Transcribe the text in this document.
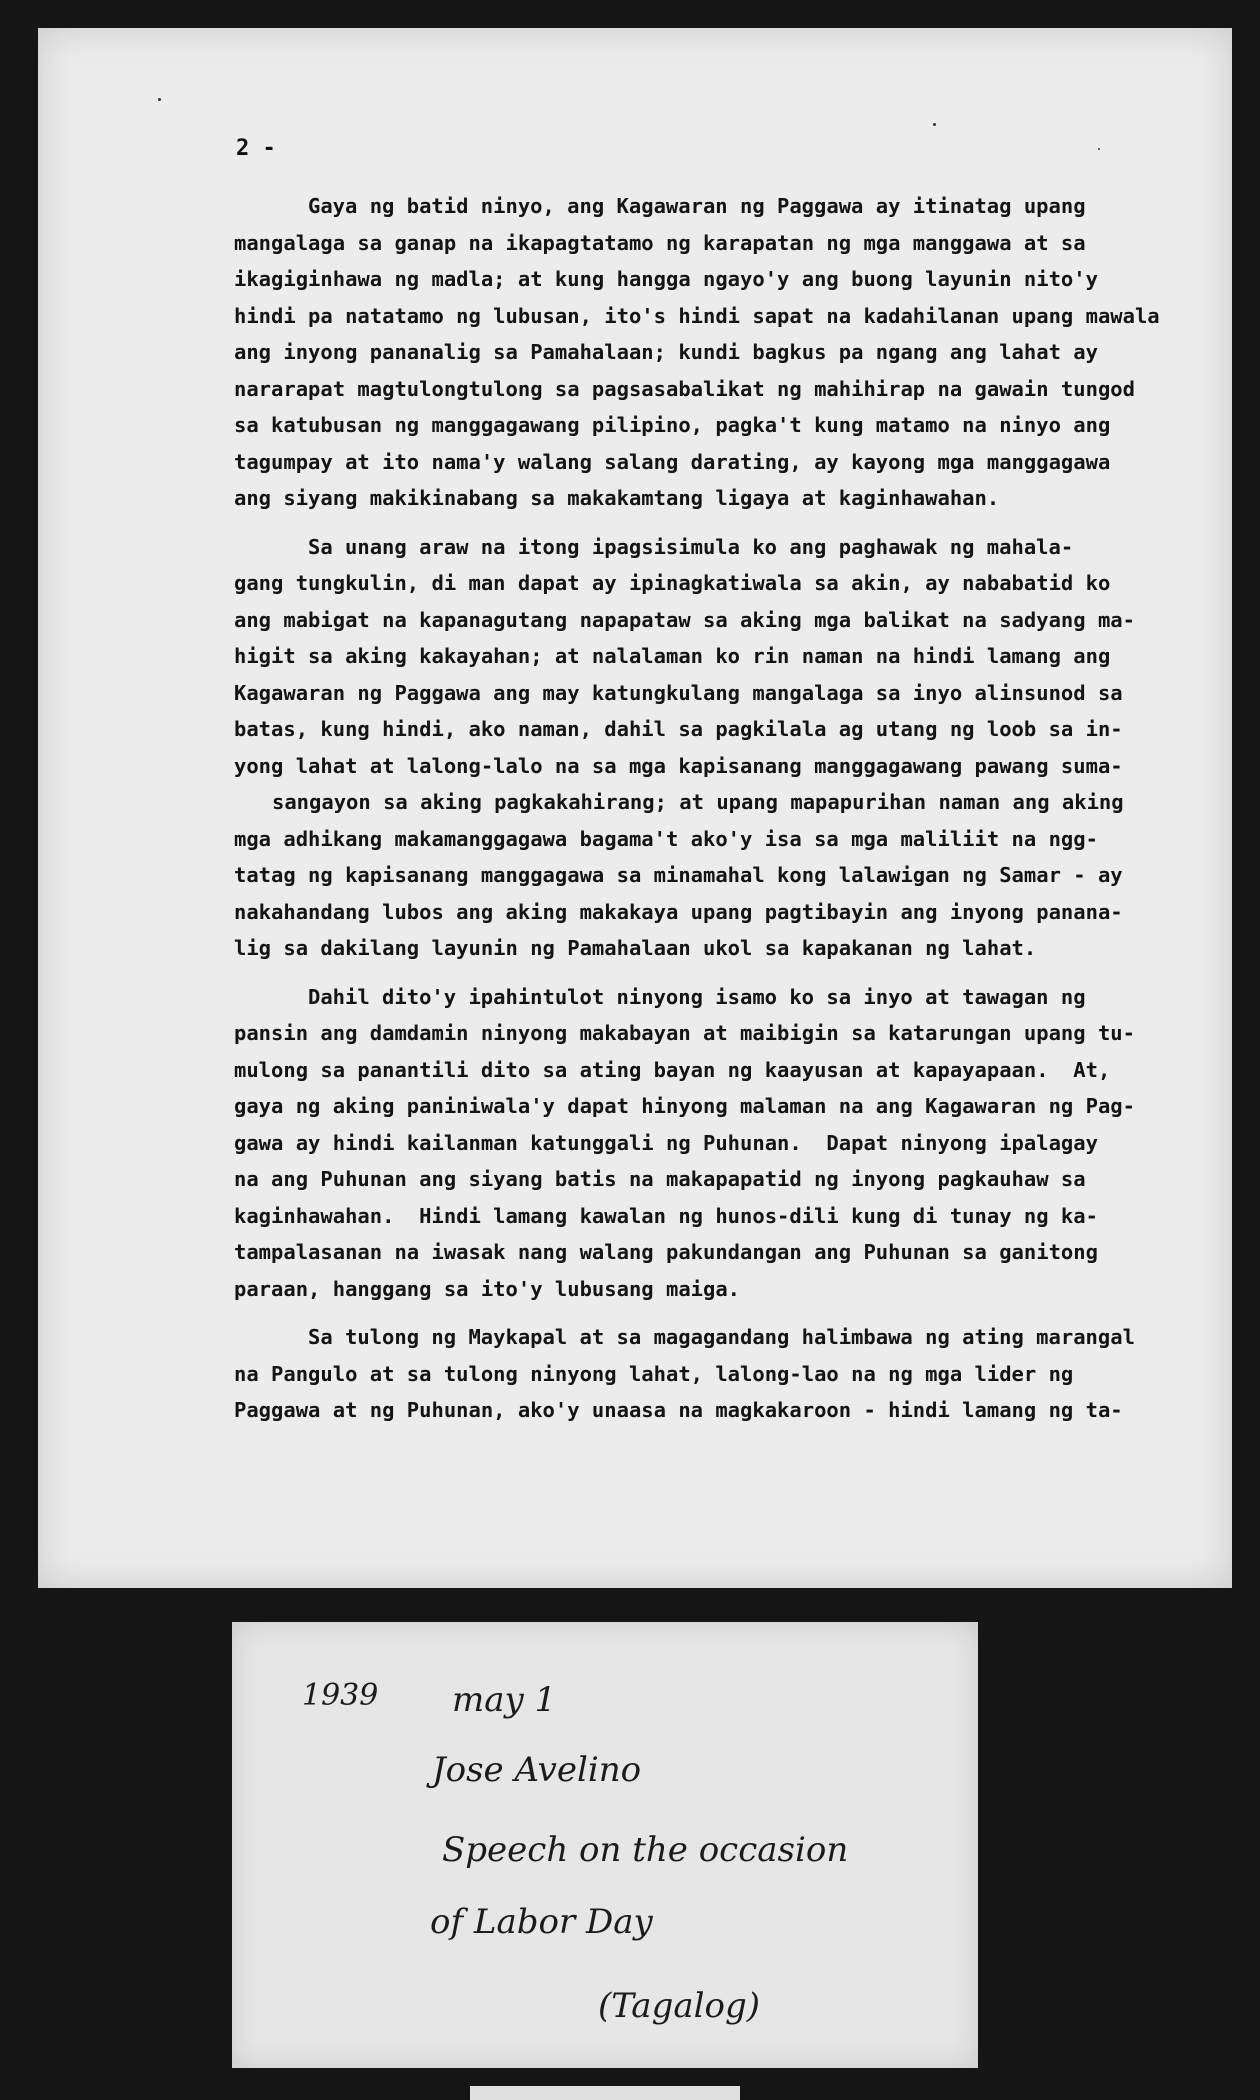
2 -
Gaya ng batid ninyo, ang Kagawaran ng Paggawa ay itinatag upang
mangalaga sa ganap na ikapagtatamo ng karapatan ng mga manggawa at sa
ikagiginhawa ng madla; at kung hangga ngayo'y ang buong layunin nito'y
hindi pa natatamo ng lubusan, ito's hindi sapat na kadahilanan upang mawala
ang inyong pananalig sa Pamahalaan; kundi bagkus pa ngang ang lahat ay
nararapat magtulongtulong sa pagsasabalikat ng mahihirap na gawain tungod
sa katubusan ng manggagawang pilipino, pagka't kung matamo na ninyo ang
tagumpay at ito nama'y walang salang darating, ay kayong mga manggagawa
ang siyang makikinabang sa makakamtang ligaya at kaginhawahan.
Sa unang araw na itong ipagsisimula ko ang paghawak ng mahala-
gang tungkulin, di man dapat ay ipinagkatiwala sa akin, ay nababatid ko
ang mabigat na kapanagutang napapataw sa aking mga balikat na sadyang ma-
higit sa aking kakayahan; at nalalaman ko rin naman na hindi lamang ang
Kagawaran ng Paggawa ang may katungkulang mangalaga sa inyo alinsunod sa
batas, kung hindi, ako naman, dahil sa pagkilala ag utang ng loob sa in-
yong lahat at lalong-lalo na sa mga kapisanang manggagawang pawang suma-
sangayon sa aking pagkakahirang; at upang mapapurihan naman ang aking
mga adhikang makamanggagawa bagama't ako'y isa sa mga maliliit na ngg-
tatag ng kapisanang manggagawa sa minamahal kong lalawigan ng Samar - ay
nakahandang lubos ang aking makakaya upang pagtibayin ang inyong panana-
lig sa dakilang layunin ng Pamahalaan ukol sa kapakanan ng lahat.
Dahil dito'y ipahintulot ninyong isamo ko sa inyo at tawagan ng
pansin ang damdamin ninyong makabayan at maibigin sa katarungan upang tu-
mulong sa panantili dito sa ating bayan ng kaayusan at kapayapaan.  At,
gaya ng aking paniniwala'y dapat hinyong malaman na ang Kagawaran ng Pag-
gawa ay hindi kailanman katunggali ng Puhunan.  Dapat ninyong ipalagay
na ang Puhunan ang siyang batis na makapapatid ng inyong pagkauhaw sa
kaginhawahan.  Hindi lamang kawalan ng hunos-dili kung di tunay ng ka-
tampalasanan na iwasak nang walang pakundangan ang Puhunan sa ganitong
paraan, hanggang sa ito'y lubusang maiga.
Sa tulong ng Maykapal at sa magagandang halimbawa ng ating marangal
na Pangulo at sa tulong ninyong lahat, lalong-lao na ng mga lider ng
Paggawa at ng Puhunan, ako'y unaasa na magkakaroon - hindi lamang ng ta-
1939 may 1
Jose Avelino
Speech on the occasion
of Labor Day
(Tagalog)
